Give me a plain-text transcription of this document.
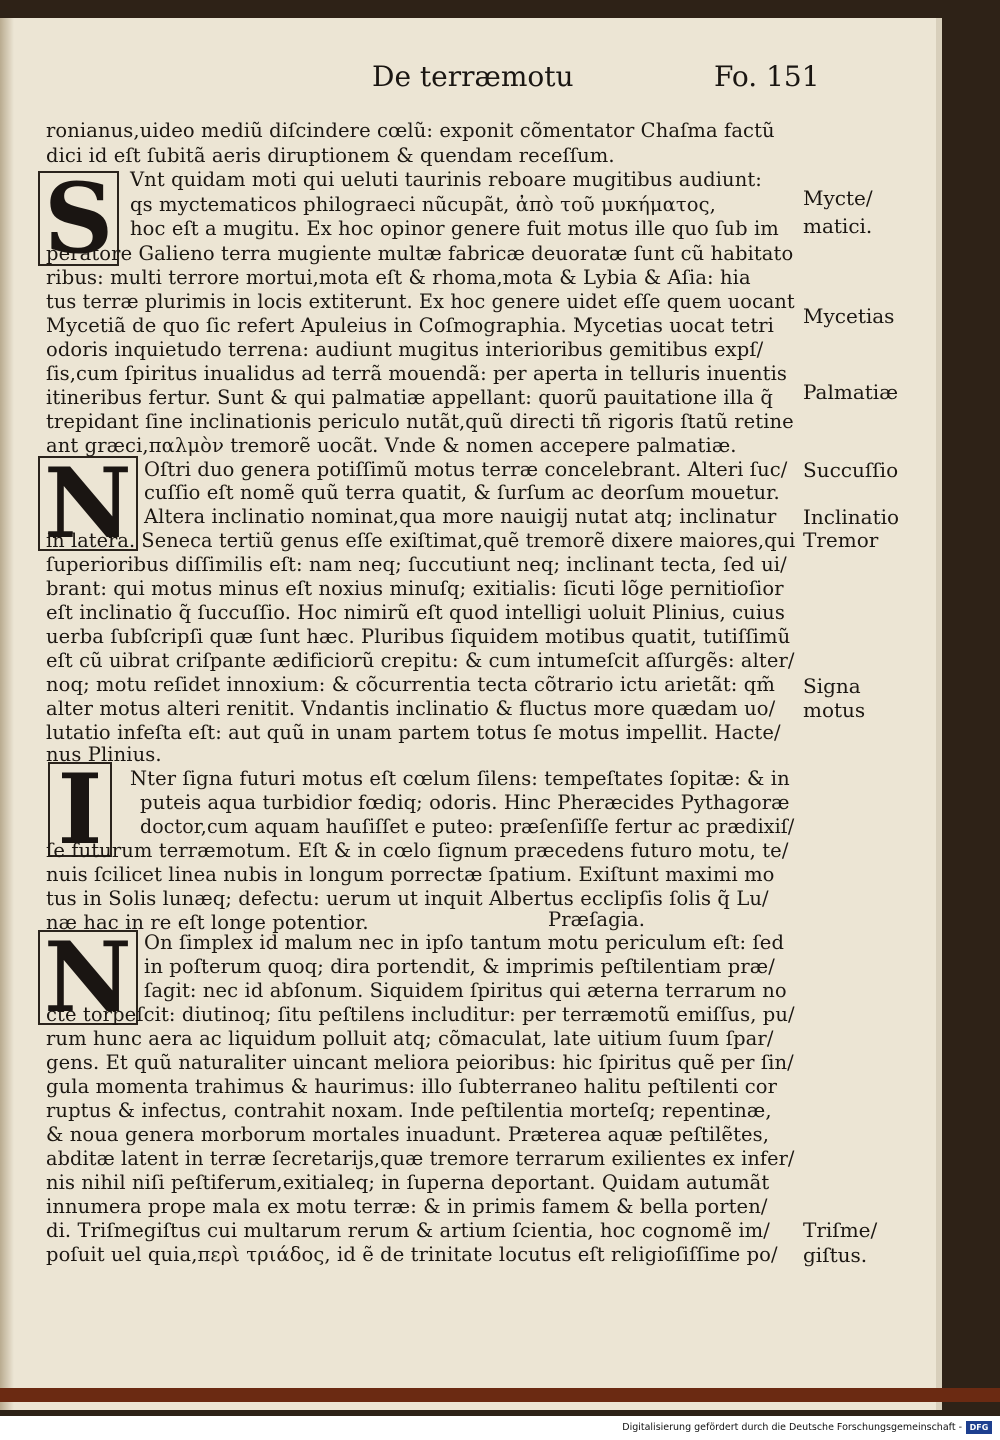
De terræmotu	Fo. 151
S
N
I
N
ronianus,uideo mediũ diſcindere cœlũ: exponit cõmentator Chaſma factũ
dici id eſt ſubitã aeris diruptionem & quendam receſſum.
Vnt quidam moti qui ueluti taurinis reboare mugitibus audiunt:
qs myctematicos philograeci nũcupãt, ἀπὸ τοῦ μυκήματος,
hoc eſt a mugitu. Ex hoc opinor genere fuit motus ille quo ſub im
peratore Galieno terra mugiente multæ fabricæ deuoratæ ſunt cũ habitato
ribus: multi terrore mortui,mota eſt & rhoma,mota & Lybia & Aſia: hia
tus terræ plurimis in locis extiterunt. Ex hoc genere uidet eſſe quem uocant
Mycetiã de quo ſic refert Apuleius in Coſmographia. Mycetias uocat tetri
odoris inquietudo terrena: audiunt mugitus interioribus gemitibus expſ/
ſis,cum ſpiritus inualidus ad terrã mouendã: per aperta in telluris inuentis
itineribus fertur. Sunt & qui palmatiæ appellant: quorũ pauitatione illa q̃
trepidant ſine inclinationis periculo nutãt,quũ directi tñ rigoris ſtatũ retine
ant græci,παλμὸν tremorẽ uocãt. Vnde & nomen accepere palmatiæ.
Oſtri duo genera potiſſimũ motus terræ concelebrant. Alteri ſuc/
cuſſio eſt nomẽ quũ terra quatit, & ſurſum ac deorſum mouetur.
Altera inclinatio nominat,qua more nauigij nutat atq; inclinatur
in latera. Seneca tertiũ genus eſſe exiſtimat,quẽ tremorẽ dixere maiores,qui
ſuperioribus diſſimilis eſt: nam neq; ſuccutiunt neq; inclinant tecta, ſed ui/
brant: qui motus minus eſt noxius minuſq; exitialis: ſicuti lõge pernitioſior
eſt inclinatio q̃ ſuccuſſio. Hoc nimirũ eſt quod intelligi uoluit Plinius, cuius
uerba ſubſcripſi quæ ſunt hæc. Pluribus ſiquidem motibus quatit, tutiſſimũ
eſt cũ uibrat criſpante ædificiorũ crepitu: & cum intumeſcit aſſurgẽs: alter/
noq; motu reſidet innoxium: & cõcurrentia tecta cõtrario ictu arietãt: qm̃
alter motus alteri renitit. Vndantis inclinatio & fluctus more quædam uo/
lutatio infeſta eſt: aut quũ in unam partem totus ſe motus impellit. Hacte/
nus Plinius.
Nter ſigna futuri motus eſt cœlum ſilens: tempeſtates ſopitæ: & in
puteis aqua turbidior fœdiq; odoris. Hinc Pheræcides Pythagoræ
doctor,cum aquam hauſiſſet e puteo: præſenſiſſe fertur ac prædixiſ/
ſe futurum terræmotum. Eſt & in cœlo ſignum præcedens futuro motu, te/
nuis ſcilicet linea nubis in longum porrectæ ſpatium. Exiſtunt maximi mo
tus in Solis lunæq; defectu: uerum ut inquit Albertus ecclipſis ſolis q̃ Lu/
næ hac in re eſt longe potentior.
On ſimplex id malum nec in ipſo tantum motu periculum eſt: ſed
in poſterum quoq; dira portendit, & imprimis peſtilentiam præ/
ſagit: nec id abſonum. Siquidem ſpiritus qui æterna terrarum no
cte torpeſcit: diutinoq; ſitu peſtilens includitur: per terræmotũ emiſſus, pu/
rum hunc aera ac liquidum polluit atq; cõmaculat, late uitium ſuum ſpar/
gens. Et quũ naturaliter uincant meliora peioribus: hic ſpiritus quẽ per ſin/
gula momenta trahimus & haurimus: illo ſubterraneo halitu peſtilenti cor
ruptus & infectus, contrahit noxam. Inde peſtilentia morteſq; repentinæ,
& noua genera morborum mortales inuadunt. Præterea aquæ peſtilẽtes,
abditæ latent in terræ ſecretarijs,quæ tremore terrarum exilientes ex infer/
nis nihil niſi peſtiferum,exitialeq; in ſuperna deportant. Quidam autumãt
innumera prope mala ex motu terræ: & in primis famem & bella porten/
di. Triſmegiſtus cui multarum rerum & artium ſcientia, hoc cognomẽ im/
poſuit uel quia,περὶ τριάδος, id ẽ de trinitate locutus eſt religioſiſſime po/
Præſagia.
Mycte/
matici.
Mycetias
Palmatiæ
Succuſſio
Inclinatio
Tremor
Signa
motus
Triſme/
giſtus.
Digitalisierung gefördert durch die Deutsche Forschungsgemeinschaft - DFG
